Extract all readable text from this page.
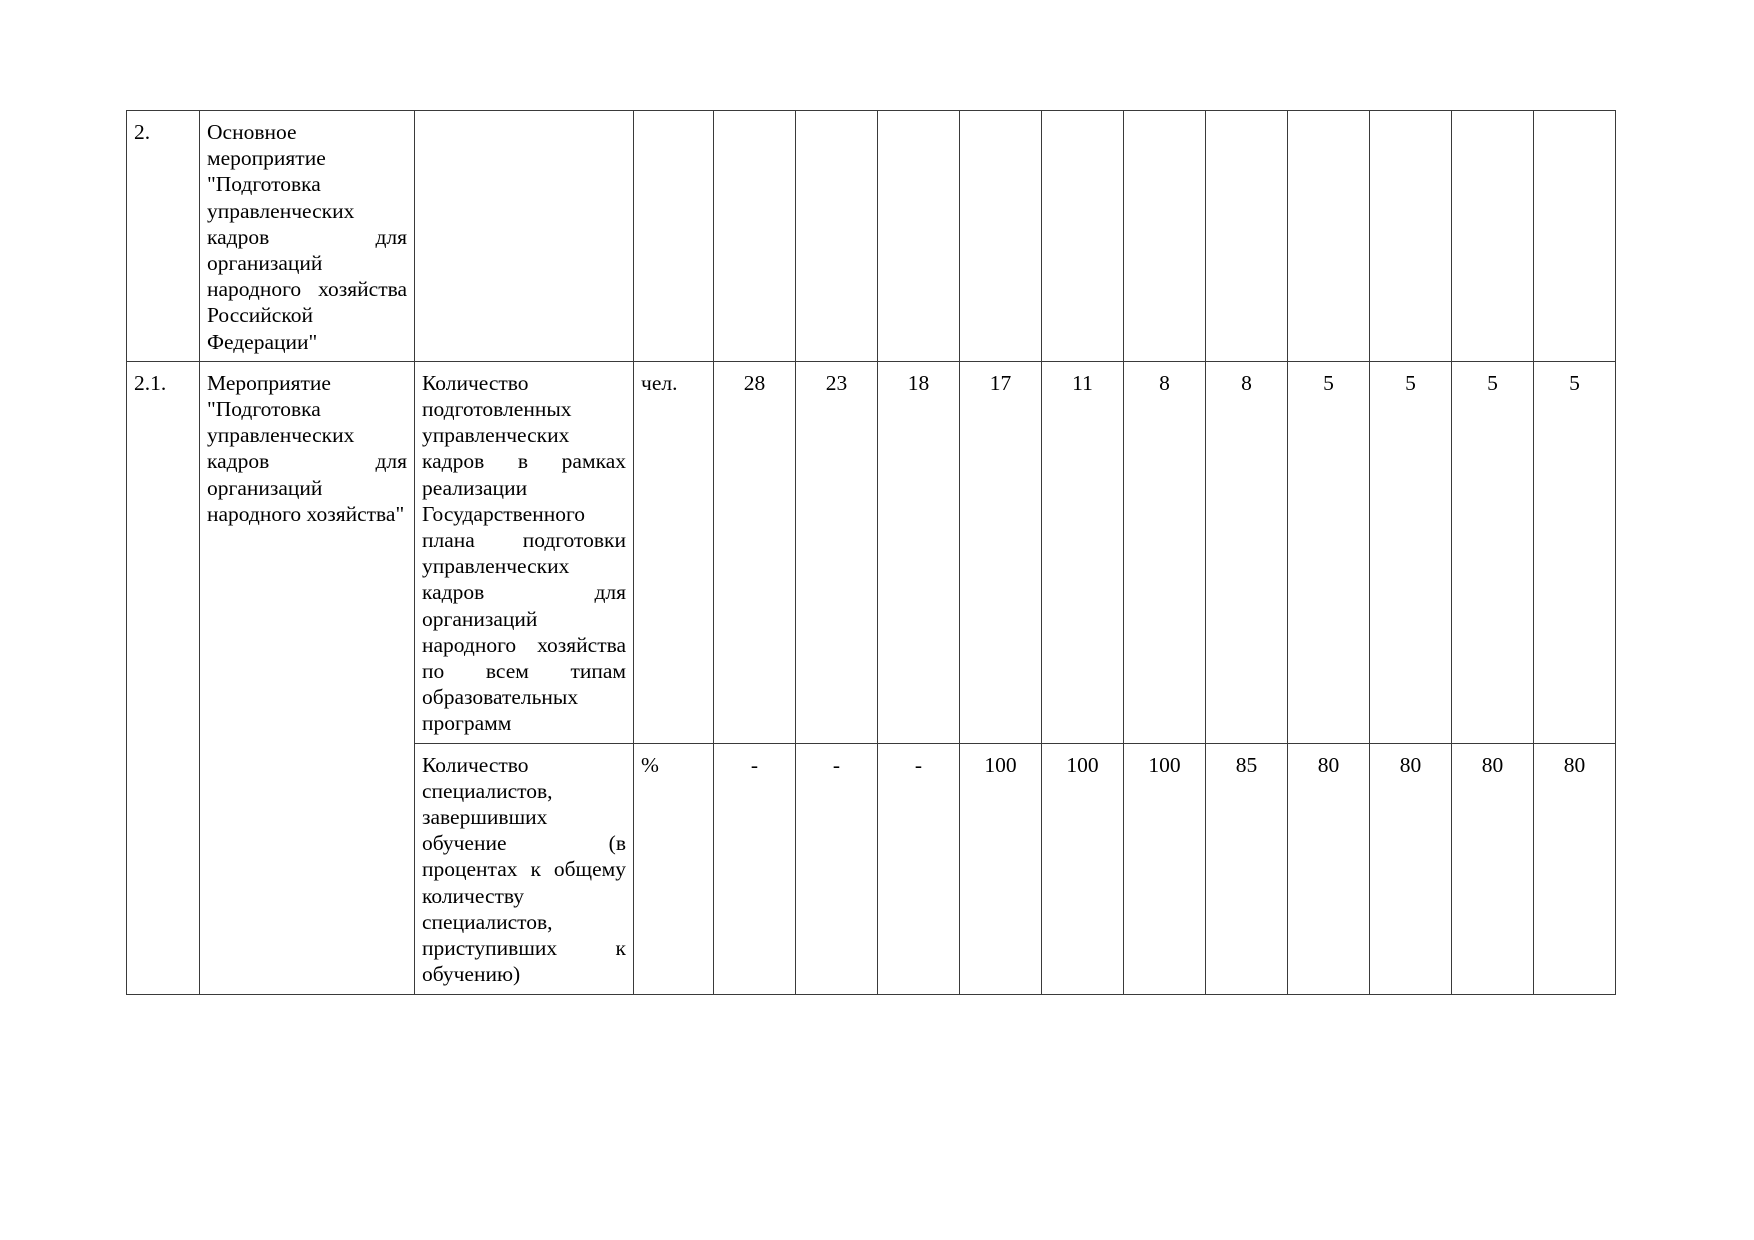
2.	Основное мероприятие "Подготовка управленческих кадров для организаций народного хозяйства Российской Федерации"													
2.1.	Мероприятие "Подготовка управленческих кадров для организаций народного хозяйства"	Количество подготовленных управленческих кадров в рамках реализации Государственного плана подготовки управленческих кадров для организаций народного хозяйства по всем типам образовательных программ	чел.	28	23	18	17	11	8	8	5	5	5	5
		Количество специалистов, завершивших обучение (в процентах к общему количеству специалистов, приступивших к обучению)	%	-	-	-	100	100	100	85	80	80	80	80
